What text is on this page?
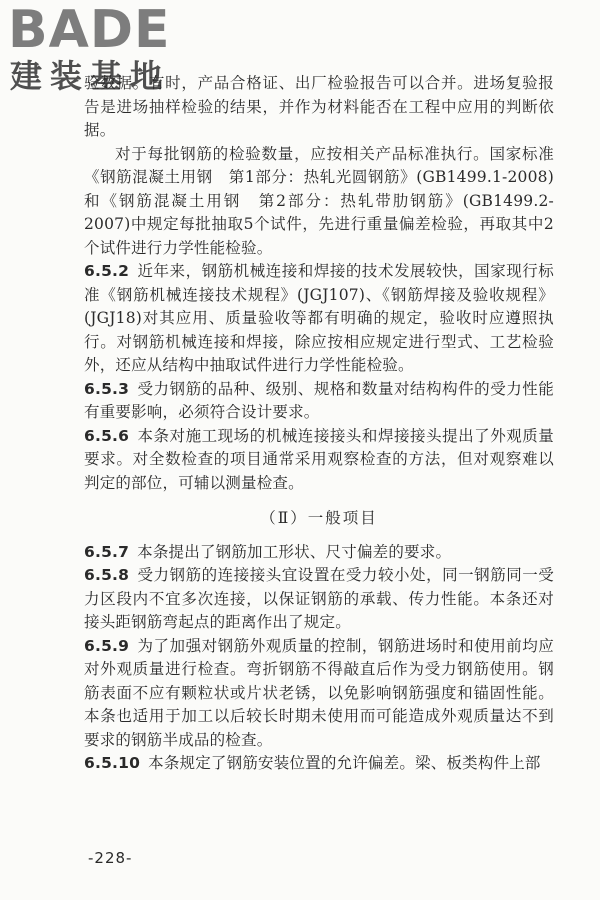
BADE
建装基地

验数据。有时，产品合格证、出厂检验报告可以合并。进场复验报告是进场抽样检验的结果，并作为材料能否在工程中应用的判断依据。

对于每批钢筋的检验数量，应按相关产品标准执行。国家标准《钢筋混凝土用钢　第1部分：热轧光圆钢筋》(GB1499.1-2008)和《钢筋混凝土用钢　第2部分：热轧带肋钢筋》(GB1499.2-2007)中规定每批抽取5个试件，先进行重量偏差检验，再取其中2个试件进行力学性能检验。

6.5.2 近年来，钢筋机械连接和焊接的技术发展较快，国家现行标准《钢筋机械连接技术规程》(JGJ107)、《钢筋焊接及验收规程》(JGJ18)对其应用、质量验收等都有明确的规定，验收时应遵照执行。对钢筋机械连接和焊接，除应按相应规定进行型式、工艺检验外，还应从结构中抽取试件进行力学性能检验。

6.5.3 受力钢筋的品种、级别、规格和数量对结构构件的受力性能有重要影响，必须符合设计要求。

6.5.6 本条对施工现场的机械连接接头和焊接接头提出了外观质量要求。对全数检查的项目通常采用观察检查的方法，但对观察难以判定的部位，可辅以测量检查。

（Ⅱ）一般项目

6.5.7 本条提出了钢筋加工形状、尺寸偏差的要求。

6.5.8 受力钢筋的连接接头宜设置在受力较小处，同一钢筋同一受力区段内不宜多次连接，以保证钢筋的承载、传力性能。本条还对接头距钢筋弯起点的距离作出了规定。

6.5.9 为了加强对钢筋外观质量的控制，钢筋进场时和使用前均应对外观质量进行检查。弯折钢筋不得敲直后作为受力钢筋使用。钢筋表面不应有颗粒状或片状老锈，以免影响钢筋强度和锚固性能。本条也适用于加工以后较长时期未使用而可能造成外观质量达不到要求的钢筋半成品的检查。

6.5.10 本条规定了钢筋安装位置的允许偏差。梁、板类构件上部

-228-
